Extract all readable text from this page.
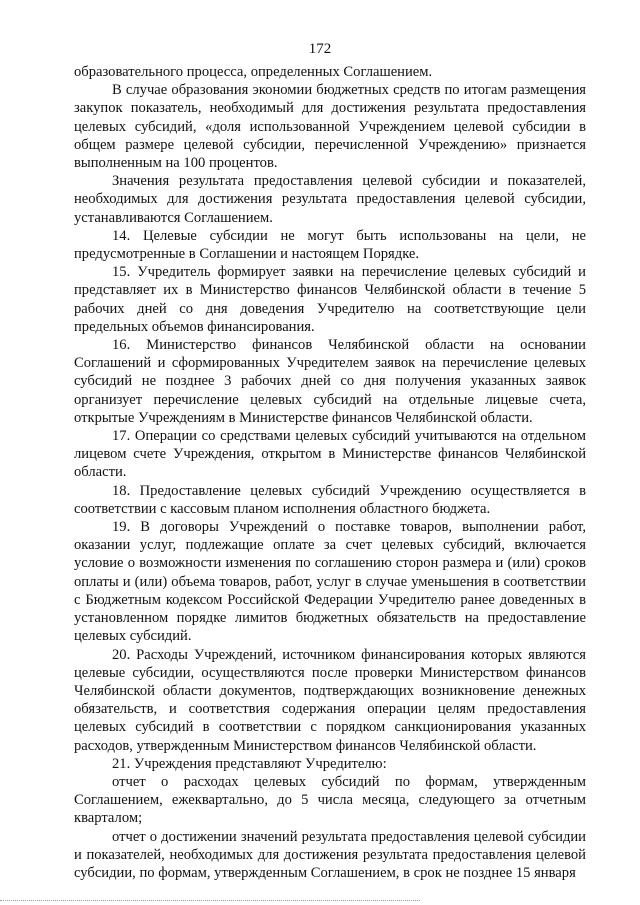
172

образовательного процесса, определенных Соглашением.

В случае образования экономии бюджетных средств по итогам размещения закупок показатель, необходимый для достижения результата предоставления целевых субсидий, «доля использованной Учреждением целевой субсидии в общем размере целевой субсидии, перечисленной Учреждению» признается выполненным на 100 процентов.

Значения результата предоставления целевой субсидии и показателей, необходимых для достижения результата предоставления целевой субсидии, устанавливаются Соглашением.

14. Целевые субсидии не могут быть использованы на цели, не предусмотренные в Соглашении и настоящем Порядке.

15. Учредитель формирует заявки на перечисление целевых субсидий и представляет их в Министерство финансов Челябинской области в течение 5 рабочих дней со дня доведения Учредителю на соответствующие цели предельных объемов финансирования.

16. Министерство финансов Челябинской области на основании Соглашений и сформированных Учредителем заявок на перечисление целевых субсидий не позднее 3 рабочих дней со дня получения указанных заявок организует перечисление целевых субсидий на отдельные лицевые счета, открытые Учреждениям в Министерстве финансов Челябинской области.

17. Операции со средствами целевых субсидий учитываются на отдельном лицевом счете Учреждения, открытом в Министерстве финансов Челябинской области.

18. Предоставление целевых субсидий Учреждению осуществляется в соответствии с кассовым планом исполнения областного бюджета.

19. В договоры Учреждений о поставке товаров, выполнении работ, оказании услуг, подлежащие оплате за счет целевых субсидий, включается условие о возможности изменения по соглашению сторон размера и (или) сроков оплаты и (или) объема товаров, работ, услуг в случае уменьшения в соответствии с Бюджетным кодексом Российской Федерации Учредителю ранее доведенных в установленном порядке лимитов бюджетных обязательств на предоставление целевых субсидий.

20. Расходы Учреждений, источником финансирования которых являются целевые субсидии, осуществляются после проверки Министерством финансов Челябинской области документов, подтверждающих возникновение денежных обязательств, и соответствия содержания операции целям предоставления целевых субсидий в соответствии с порядком санкционирования указанных расходов, утвержденным Министерством финансов Челябинской области.

21. Учреждения представляют Учредителю:

отчет о расходах целевых субсидий по формам, утвержденным Соглашением, ежеквартально, до 5 числа месяца, следующего за отчетным кварталом;

отчет о достижении значений результата предоставления целевой субсидии и показателей, необходимых для достижения результата предоставления целевой субсидии, по формам, утвержденным Соглашением, в срок не позднее 15 января
